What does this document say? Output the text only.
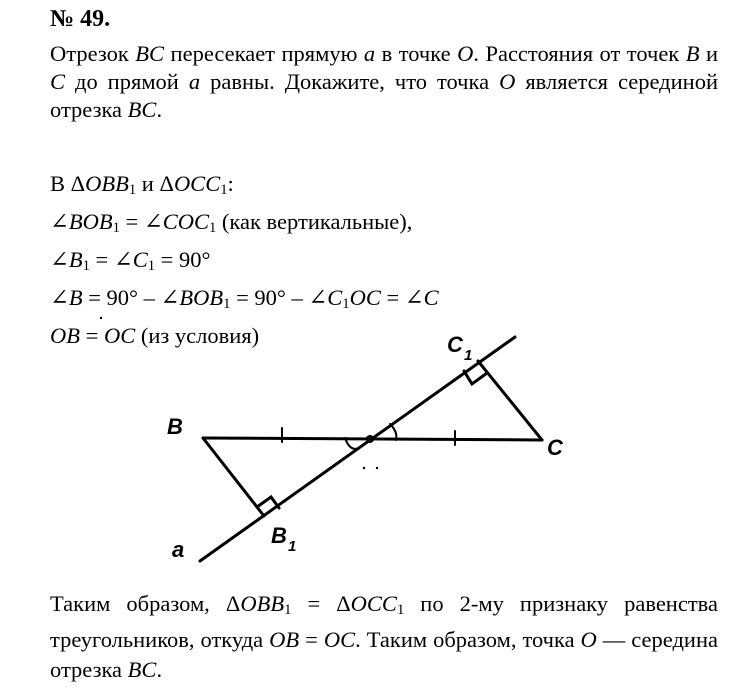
№ 49.
Отрезок BC пересекает прямую a в точке O. Расстояния от точек B и C до прямой a равны. Докажите, что точка O является серединой отрезка BC.
В $\Delta OBB_1$ и $\Delta OCC_1$:
$\angle BOB_1$ = $\angle COC_1$ (как вертикальные),
$\angle B_1$ = $\angle C_1 = 90^\circ$
∠B = $90^\circ - \angle BOB_1 = 90^\circ$ – $\angle C_1OC$ = ∠C
OB = OC (из условия)
B
C
C 1
B 1
a
Таким образом, $\Delta OBB_1 = \Delta OCC_1$ по 2-му признаку равенства треугольников, откуда OB = OC. Таким образом, точка O — середина отрезка BC.
